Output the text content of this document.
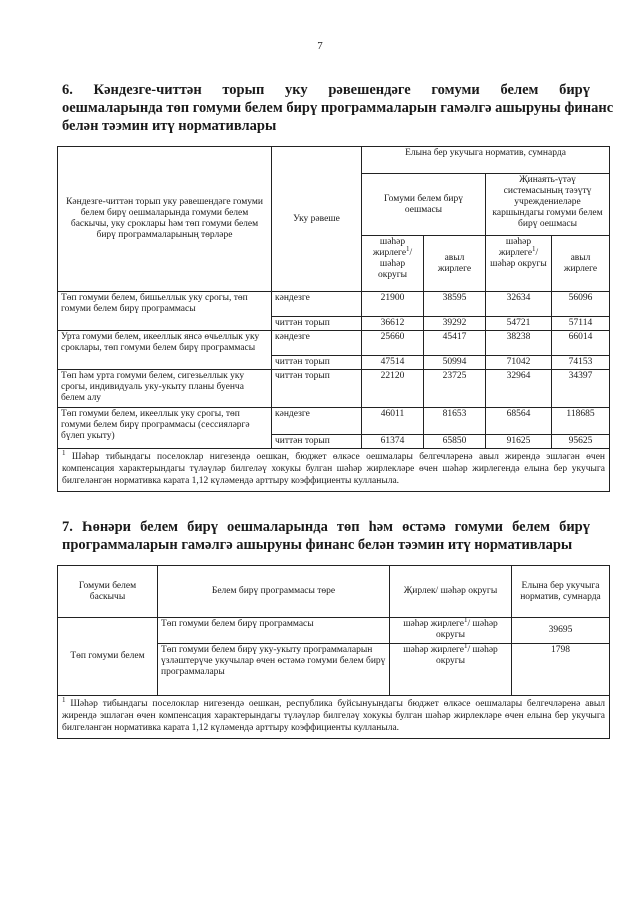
7
6. Кәндезге-читтән торып уку рәвешендәге гомуми белем бирү
оешмаларында төп гомуми белем бирү программаларын гамәлгә ашыруны финанс
белән тәэмин итү нормативлары
Кәндезге-читтән торып уку рәвешендәге гомуми белем бирү оешмаларында гомуми белем баскычы, уку сроклары һәм төп гомуми белем бирү программаларының төрләре	Уку рәвеше	Елына бер укучыга норматив, сумнарда			
		Гомуми белем бирү оешмасы		Җинаять-үтәү системасының тәэүтү учреждениеләре каршындагы гомуми белем бирү оешмасы	
		шәһәр жирлеге$^1$/ шәһәр округы	авыл жирлеге	шәһәр жирлеге$^1$/ шәһәр округы	авыл жирлеге
Төп гомуми белем, бишьеллык уку срогы, төп гомуми белем бирү программасы	кәндезге	21900	38595	32634	56096
	читтән торып	36612	39292	54721	57114
Урта гомуми белем, икееллык янсә өчьеллык уку сроклары, төп гомуми белем бирү программасы	кәндезге	25660	45417	38238	66014
	читтән торып	47514	50994	71042	74153
Төп һәм урта гомуми белем, сигезьеллык уку срогы, индивидуаль уку-укыту планы буенча белем алу	читтән торып	22120	23725	32964	34397
Төп гомуми белем, икееллык уку срогы, төп гомуми белем бирү программасы (сессияләргә бүлеп укыту)	кәндезге	46011	81653	68564	118685
	читтән торып	61374	65850	91625	95625
$^1$ Шәһәр тибындагы поселоклар нигезендә оешкан, бюджет өлкәсе оешмалары белгечләренә авыл жирендә эшләгән өчен компенсация характерындагы түләүләр билгеләү хокукы булган шәһәр жирлекләре өчен шәһәр жирлегендә елына бер укучыга билгеләнгән нормативка карата 1,12 күләмендә арттыру коэффициенты кулланыла.					
7. Һөнәри белем бирү оешмаларында төп һәм өстәмә гомуми белем бирү
программаларын гамәлгә ашыруны финанс белән тәэмин итү нормативлары
Гомуми белем баскычы	Белем бирү программасы төре	Җирлек/ шәһәр округы	Елына бер укучыга норматив, сумнарда
Төп гомуми белем	Төп гомуми белем бирү программасы	шәһәр жирлеге$^1$/ шәһәр округы	39695
	Төп гомуми белем бирү уку-укыту программаларын үзләштерүче укучылар өчен өстәмә гомуми белем бирү программалары	шәһәр жирлеге$^1$/ шәһәр округы	1798
$^1$ Шәһәр тибындагы поселоклар нигезендә оешкан, республика буйсынуындагы бюджет өлкәсе оешмалары белгечләренә авыл жирендә эшләгән өчен компенсация характерындагы түләүләр билгеләү хокукы булган шәһәр жирлекләре өчен елына бер укучыга билгеләнгән нормативка карата 1,12 күләмендә арттыру коэффициенты кулланыла.			
